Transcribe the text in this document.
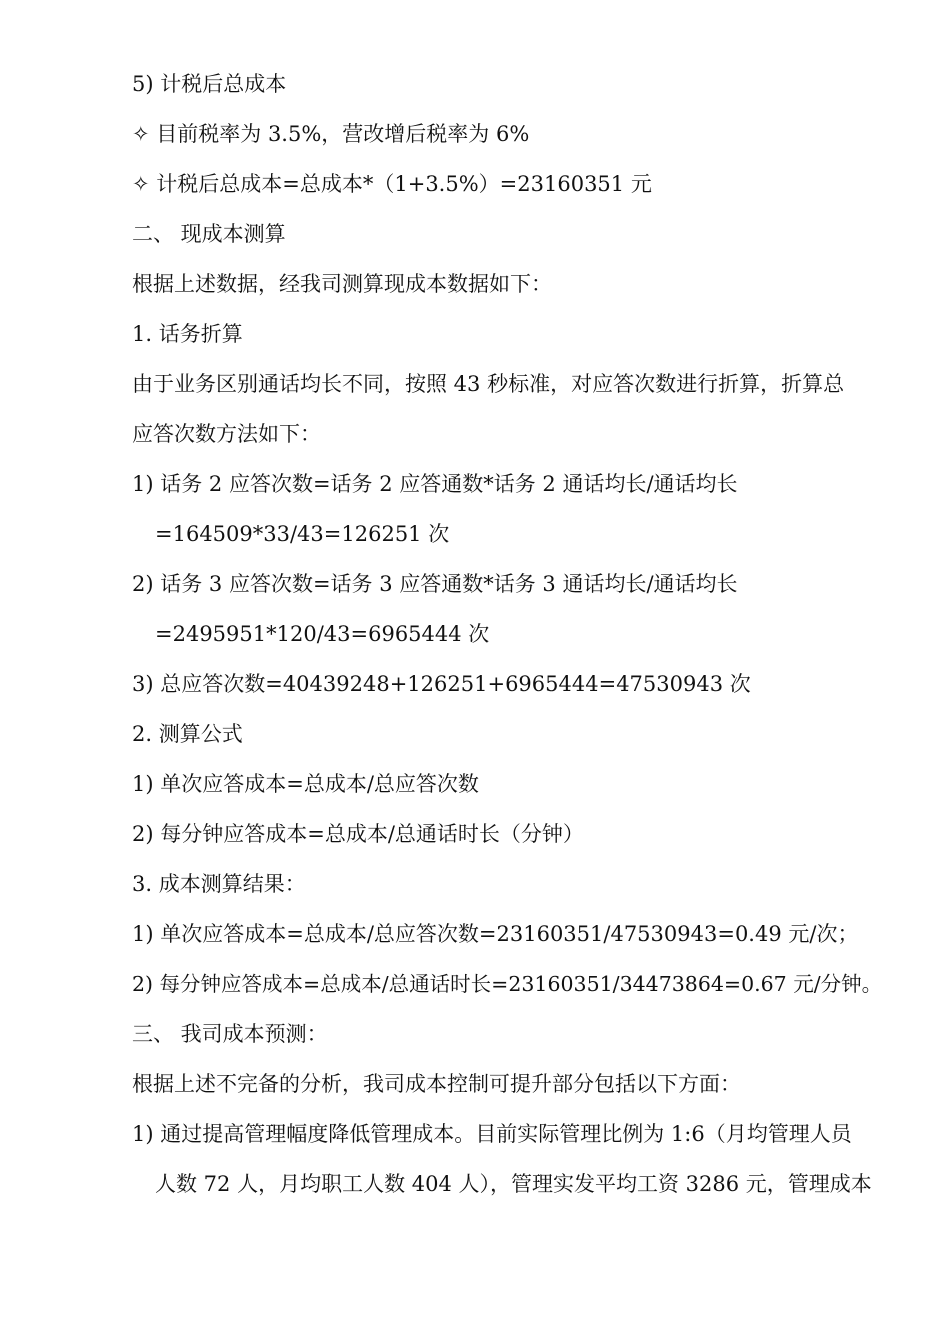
5) 计税后总成本
✧ 目前税率为 3.5%，营改增后税率为 6%
✧ 计税后总成本=总成本*（1+3.5%）=23160351 元
二、 现成本测算
根据上述数据，经我司测算现成本数据如下：
1. 话务折算
由于业务区别通话均长不同，按照 43 秒标准，对应答次数进行折算，折算总
应答次数方法如下：
1) 话务 2 应答次数=话务 2 应答通数*话务 2 通话均长/通话均长
=164509*33/43=126251 次
2) 话务 3 应答次数=话务 3 应答通数*话务 3 通话均长/通话均长
=2495951*120/43=6965444 次
3) 总应答次数=40439248+126251+6965444=47530943 次
2. 测算公式
1) 单次应答成本=总成本/总应答次数
2) 每分钟应答成本=总成本/总通话时长（分钟）
3. 成本测算结果：
1) 单次应答成本=总成本/总应答次数=23160351/47530943=0.49 元/次；
2) 每分钟应答成本=总成本/总通话时长=23160351/34473864=0.67 元/分钟。
三、 我司成本预测：
根据上述不完备的分析，我司成本控制可提升部分包括以下方面：
1) 通过提高管理幅度降低管理成本。目前实际管理比例为 1:6（月均管理人员
人数 72 人，月均职工人数 404 人），管理实发平均工资 3286 元，管理成本
